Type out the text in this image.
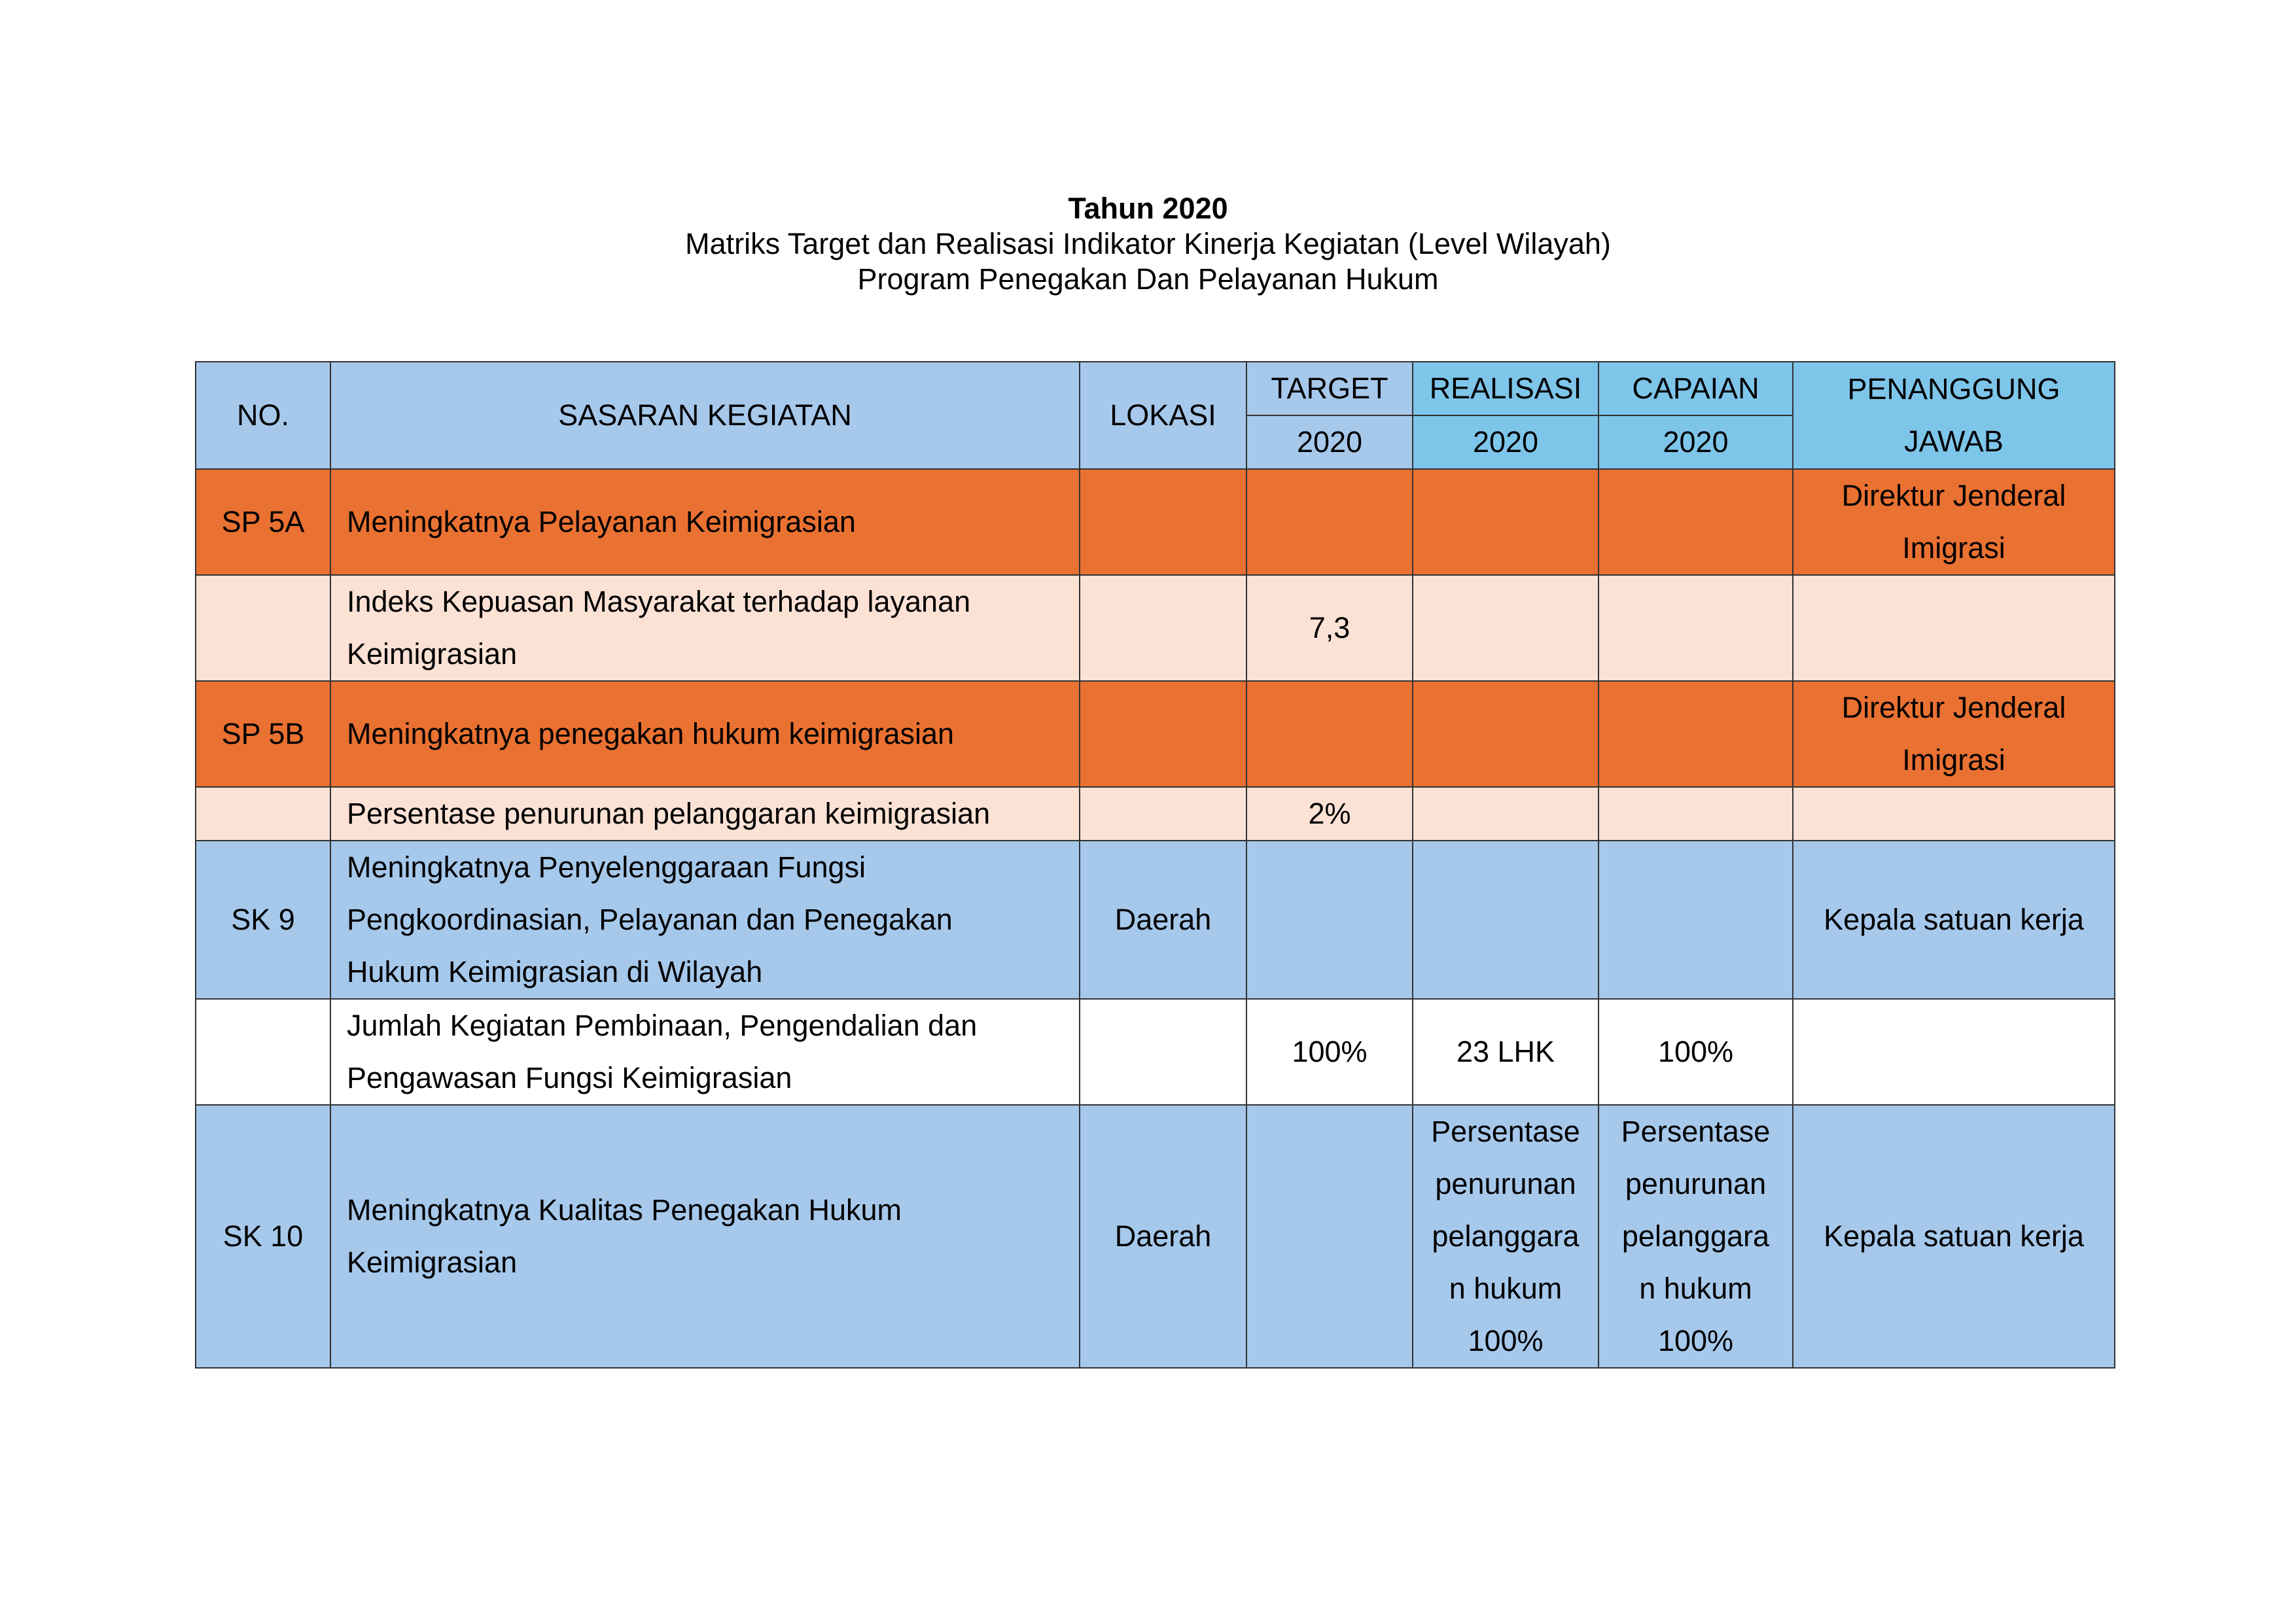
Tahun 2020
Matriks Target dan Realisasi Indikator Kinerja Kegiatan (Level Wilayah)
Program Penegakan Dan Pelayanan Hukum
NO.	SASARAN KEGIATAN	LOKASI	TARGET	REALISASI	CAPAIAN	PENANGGUNG
JAWAB

			2020	2020	2020	
SP 5A	Meningkatnya Pelayanan Keimigrasian					Direktur Jenderal
Imigrasi

	Indeks Kepuasan Masyarakat terhadap layanan
Keimigrasian		7,3			
SP 5B	Meningkatnya penegakan hukum keimigrasian					Direktur Jenderal
Imigrasi

	Persentase penurunan pelanggaran keimigrasian		2%			
SK 9	Meningkatnya Penyelenggaraan Fungsi
Pengkoordinasian, Pelayanan dan Penegakan
Hukum Keimigrasian di Wilayah	Daerah				Kepala satuan kerja

	Jumlah Kegiatan Pembinaan, Pengendalian dan
Pengawasan Fungsi Keimigrasian		100%	23 LHK	100%	

SK 10	Meningkatnya Kualitas Penegakan Hukum
Keimigrasian	Daerah		Persentase
penurunan
pelanggara
n hukum
100%	Persentase
penurunan
pelanggara
n hukum
100%	Kepala satuan kerja
